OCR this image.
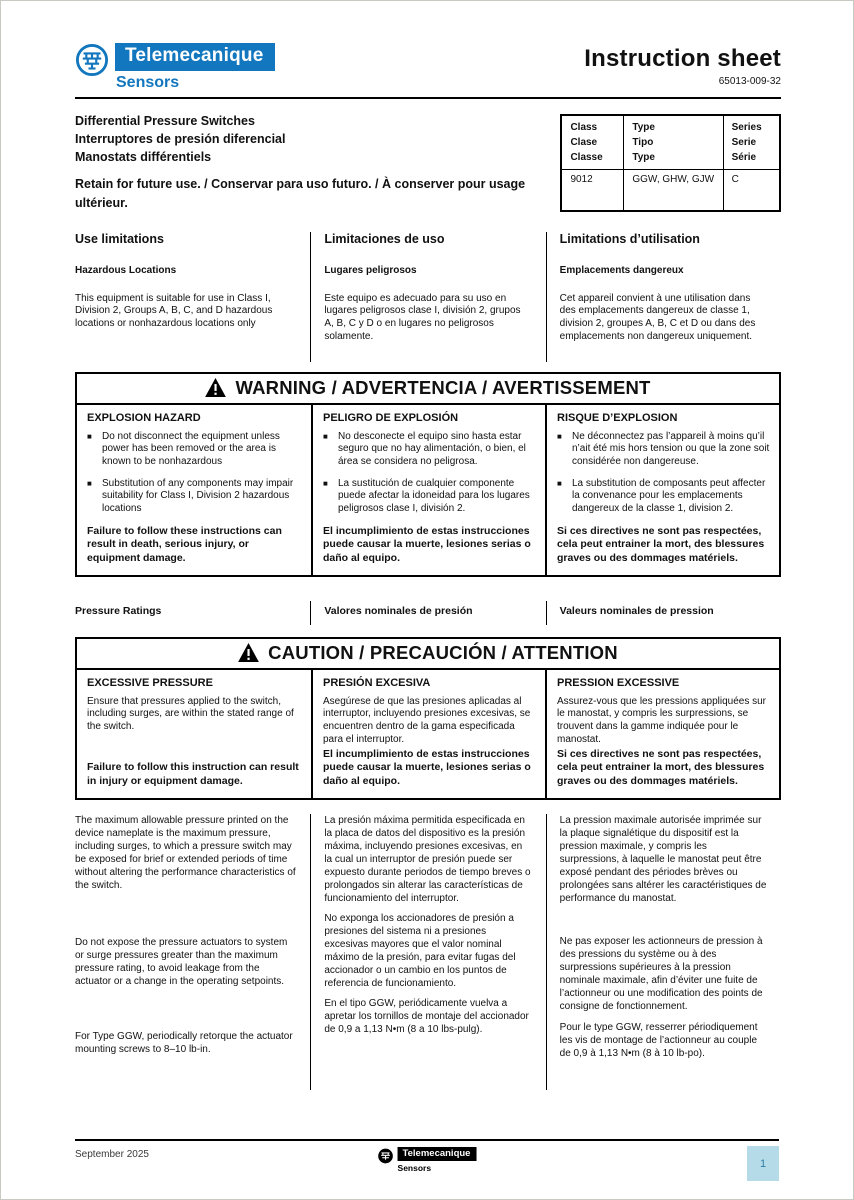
Telemecanique
Sensors
Instruction sheet
65013-009-32
Differential Pressure Switches
Interruptores de presión diferencial
Manostats différentiels
Retain for future use. / Conservar para uso futuro. / À conserver pour usage ultérieur.
Class
Clase
Classe

Type
Tipo
Type

Series
Serie
Série

9012	GGW, GHW, GJW	C
Use limitations
Hazardous Locations
This equipment is suitable for use in Class I, Division 2, Groups A, B, C, and D hazardous locations or nonhazardous locations only
Limitaciones de uso
Lugares peligrosos
Este equipo es adecuado para su uso en lugares peligrosos clase I, división 2, grupos A, B, C y D o en lugares no peligrosos solamente.
Limitations d’utilisation
Emplacements dangereux
Cet appareil convient à une utilisation dans des emplacements dangereux de classe 1, division 2, groupes A, B, C et D ou dans des emplacements non dangereux uniquement.
WARNING / ADVERTENCIA / AVERTISSEMENT
EXPLOSION HAZARD
■
Do not disconnect the equipment unless power has been removed or the area is known to be nonhazardous
■
Substitution of any components may impair suitability for Class I, Division 2 hazardous locations
Failure to follow these instructions can result in death, serious injury, or equipment damage.
PELIGRO DE EXPLOSIÓN
■
No desconecte el equipo sino hasta estar seguro que no hay alimentación, o bien, el área se considera no peligrosa.
■
La sustitución de cualquier componente puede afectar la idoneidad para los lugares peligrosos clase I, división 2.
El incumplimiento de estas instrucciones puede causar la muerte, lesiones serias o daño al equipo.
RISQUE D’EXPLOSION
■
Ne déconnectez pas l’appareil à moins qu’il n’ait été mis hors tension ou que la zone soit considérée non dangereuse.
■
La substitution de composants peut affecter la convenance pour les emplacements dangereux de la classe 1, division 2.
Si ces directives ne sont pas respectées, cela peut entrainer la mort, des blessures graves ou des dommages matériels.
Pressure Ratings	Valores nominales de presión	Valeurs nominales de pression
CAUTION / PRECAUCIÓN / ATTENTION
EXCESSIVE PRESSURE
Ensure that pressures applied to the switch, including surges, are within the stated range of the switch.
Failure to follow this instruction can result in injury or equipment damage.
PRESIÓN EXCESIVA
Asegúrese de que las presiones aplicadas al interruptor, incluyendo presiones excesivas, se encuentren dentro de la gama especificada para el interruptor.
El incumplimiento de estas instrucciones puede causar la muerte, lesiones serias o daño al equipo.
PRESSION EXCESSIVE
Assurez-vous que les pressions appliquées sur le manostat, y compris les surpressions, se trouvent dans la gamme indiquée pour le manostat.
Si ces directives ne sont pas respectées, cela peut entrainer la mort, des blessures graves ou des dommages matériels.

The maximum allowable pressure printed on the device nameplate is the maximum pressure, including surges, to which a pressure switch may be exposed for brief or extended periods of time without altering the performance characteristics of the switch.

Do not expose the pressure actuators to system or surge pressures greater than the maximum pressure rating, to avoid leakage from the actuator or a change in the operating setpoints.

For Type GGW, periodically retorque the actuator mounting screws to 8–10 lb-in.

La presión máxima permitida especificada en la placa de datos del dispositivo es la presión máxima, incluyendo presiones excesivas, en la cual un interruptor de presión puede ser expuesto durante periodos de tiempo breves o prolongados sin alterar las características de funcionamiento del interruptor.

No exponga los accionadores de presión a presiones del sistema ni a presiones excesivas mayores que el valor nominal máximo de la presión, para evitar fugas del accionador o un cambio en los puntos de referencia de funcionamiento.

En el tipo GGW, periódicamente vuelva a apretar los tornillos de montaje del accionador de 0,9 a 1,13 N•m (8 a 10 lbs-pulg).

La pression maximale autorisée imprimée sur la plaque signalétique du dispositif est la pression maximale, y compris les surpressions, à laquelle le manostat peut être exposé pendant des périodes brèves ou prolongées sans altérer les caractéristiques de performance du manostat.

Ne pas exposer les actionneurs de pression à des pressions du système ou à des surpressions supérieures à la pression nominale maximale, afin d’éviter une fuite de l’actionneur ou une modification des points de consigne de fonctionnement.

Pour le type GGW, resserrer périodiquement les vis de montage de l’actionneur au couple de 0,9 à 1,13 N•m (8 à 10 lb-po).

September 2025	Telemecanique
Sensors	1
